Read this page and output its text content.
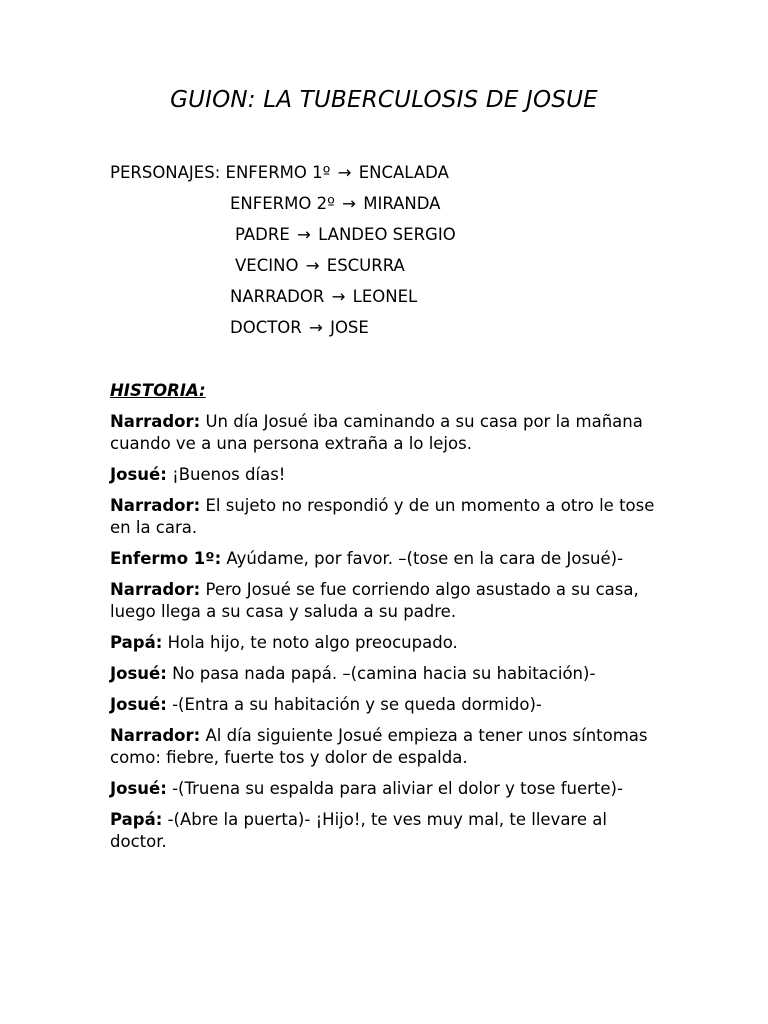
GUION: LA TUBERCULOSIS DE JOSUE
PERSONAJES: ENFERMO 1º → ENCALADA
ENFERMO 2º → MIRANDA
PADRE → LANDEO SERGIO
VECINO → ESCURRA
NARRADOR → LEONEL
DOCTOR → JOSE
HISTORIA:

Narrador: Un día Josué iba caminando a su casa por la mañana cuando ve a una persona extraña a lo lejos.

Josué: ¡Buenos días!

Narrador: El sujeto no respondió y de un momento a otro le tose en la cara.

Enfermo 1º: Ayúdame, por favor. –(tose en la cara de Josué)-

Narrador: Pero Josué se fue corriendo algo asustado a su casa, luego llega a su casa y saluda a su padre.

Papá: Hola hijo, te noto algo preocupado.

Josué: No pasa nada papá. –(camina hacia su habitación)-

Josué: -(Entra a su habitación y se queda dormido)-

Narrador: Al día siguiente Josué empieza a tener unos síntomas como: fiebre, fuerte tos y dolor de espalda.

Josué: -(Truena su espalda para aliviar el dolor y tose fuerte)-

Papá: -(Abre la puerta)- ¡Hijo!, te ves muy mal, te llevare al doctor.
